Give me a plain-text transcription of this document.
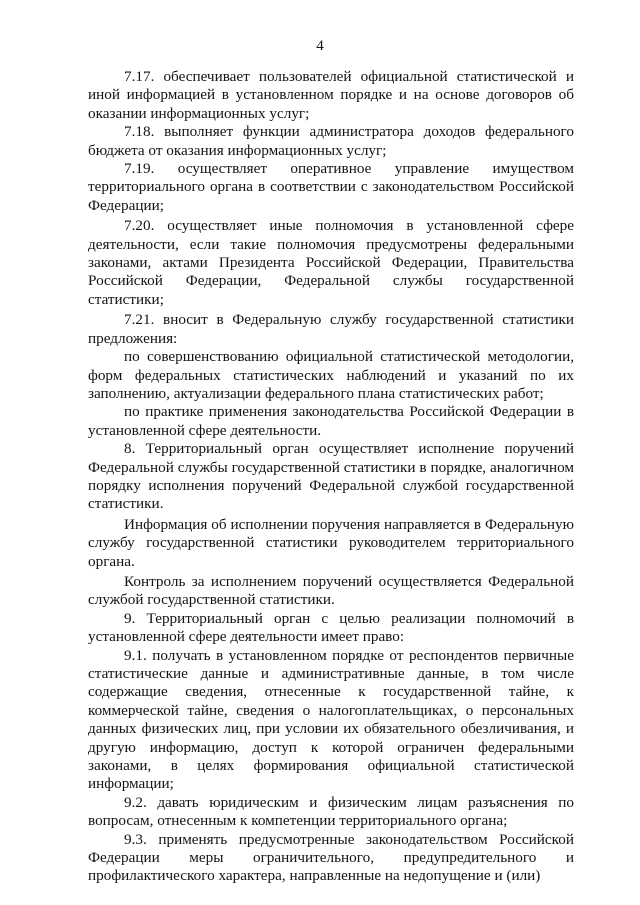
4

7.17. обеспечивает пользователей официальной статистической и иной информацией в установленном порядке и на основе договоров об оказании информационных услуг;

7.18. выполняет функции администратора доходов федерального бюджета от оказания информационных услуг;

7.19. осуществляет оперативное управление имуществом территориального органа в соответствии с законодательством Российской Федерации;

7.20. осуществляет иные полномочия в установленной сфере деятельности, если такие полномочия предусмотрены федеральными законами, актами Президента Российской Федерации, Правительства Российской Федерации, Федеральной службы государственной статистики;

7.21. вносит в Федеральную службу государственной статистики предложения:

по совершенствованию официальной статистической методологии, форм федеральных статистических наблюдений и указаний по их заполнению, актуализации федерального плана статистических работ;

по практике применения законодательства Российской Федерации в установленной сфере деятельности.

8. Территориальный орган осуществляет исполнение поручений Федеральной службы государственной статистики в порядке, аналогичном порядку исполнения поручений Федеральной службой государственной статистики.

Информация об исполнении поручения направляется в Федеральную службу государственной статистики руководителем территориального органа.

Контроль за исполнением поручений осуществляется Федеральной службой государственной статистики.

9. Территориальный орган с целью реализации полномочий в установленной сфере деятельности имеет право:

9.1. получать в установленном порядке от респондентов первичные статистические данные и административные данные, в том числе содержащие сведения, отнесенные к государственной тайне, к коммерческой тайне, сведения о налогоплательщиках, о персональных данных физических лиц, при условии их обязательного обезличивания, и другую информацию, доступ к которой ограничен федеральными законами, в целях формирования официальной статистической информации;

9.2. давать юридическим и физическим лицам разъяснения по вопросам, отнесенным к компетенции территориального органа;

9.3. применять предусмотренные законодательством Российской Федерации меры ограничительного, предупредительного и профилактического характера, направленные на недопущение и (или)
